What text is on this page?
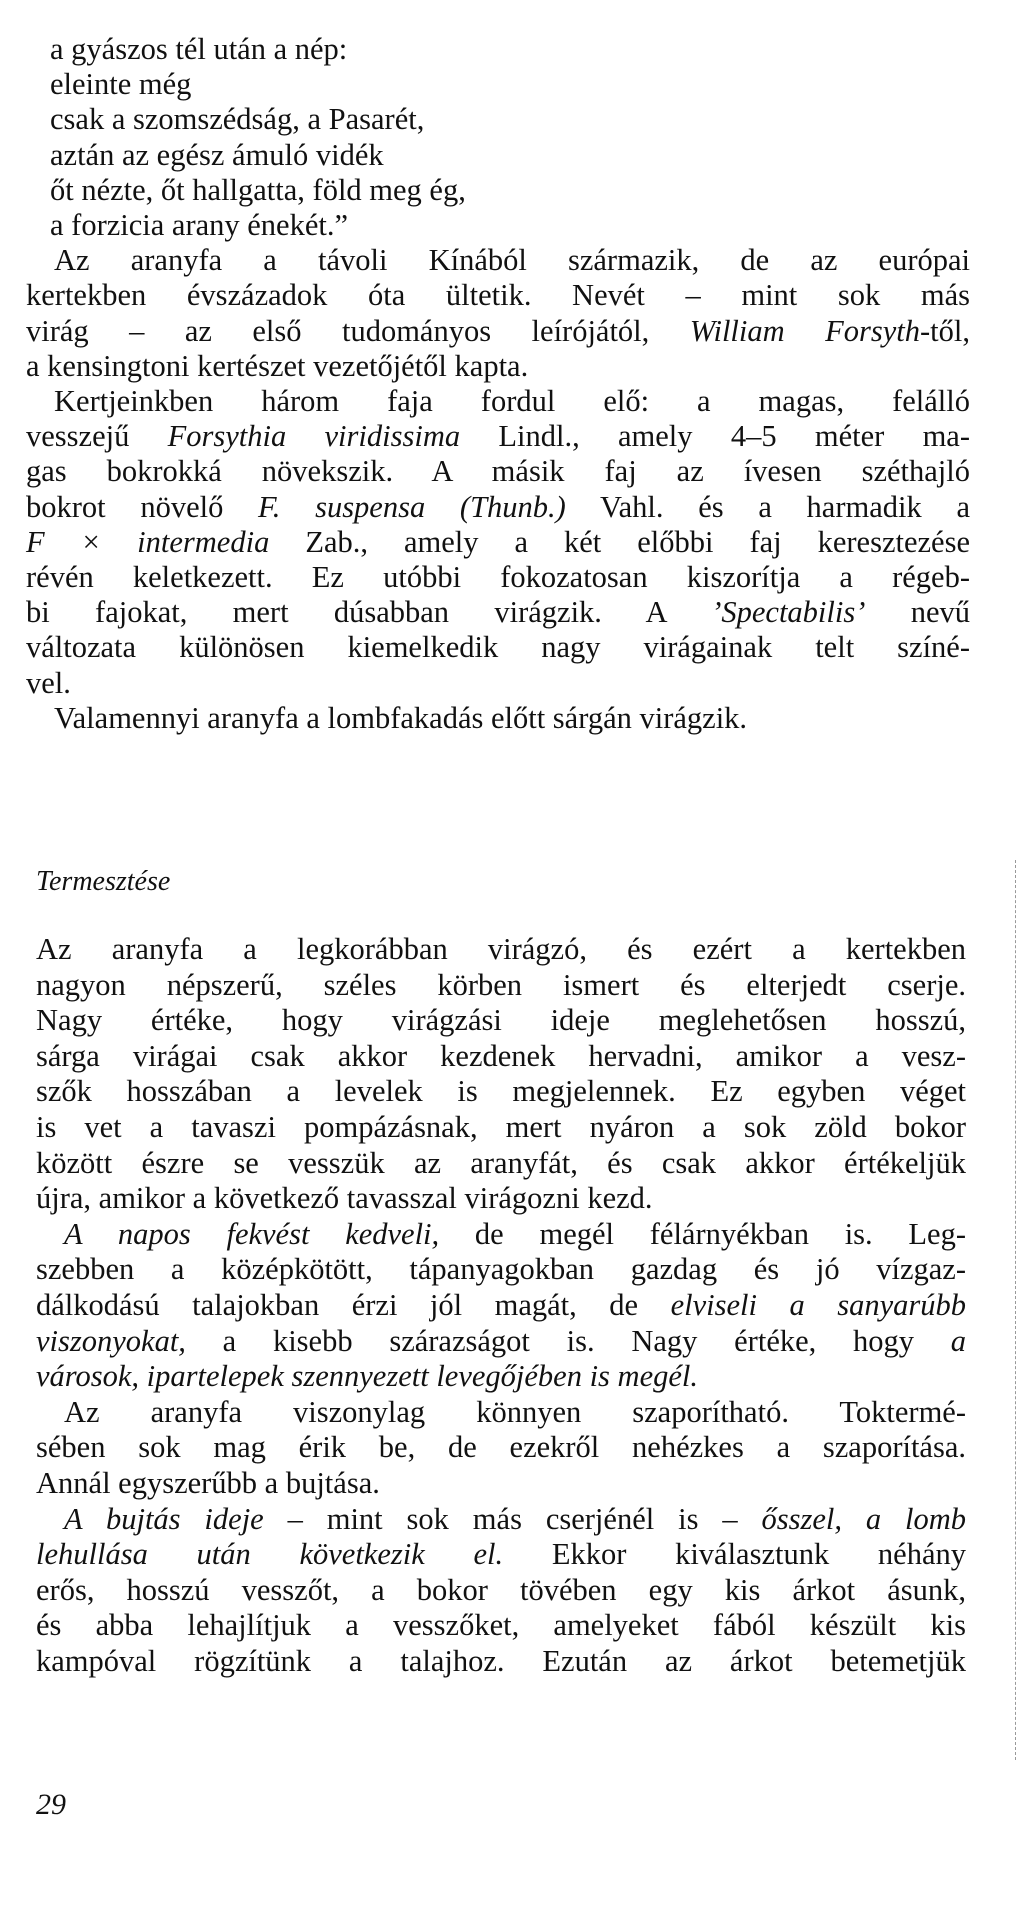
a gyászos tél után a nép:
eleinte még
csak a szomszédság, a Pasarét,
aztán az egész ámuló vidék
őt nézte, őt hallgatta, föld meg ég,
a forzicia arany énekét.”
Az aranyfa a távoli Kínából származik, de az európai
kertekben évszázadok óta ültetik. Nevét – mint sok más
virág – az első tudományos leírójától, William Forsyth-től,
a kensingtoni kertészet vezetőjétől kapta.
Kertjeinkben három faja fordul elő: a magas, felálló
vesszejű Forsythia viridissima Lindl., amely 4–5 méter ma-
gas bokrokká növekszik. A másik faj az ívesen széthajló
bokrot növelő F. suspensa (Thunb.) Vahl. és a harmadik a
F × intermedia Zab., amely a két előbbi faj keresztezése
révén keletkezett. Ez utóbbi fokozatosan kiszorítja a régeb-
bi fajokat, mert dúsabban virágzik. A ’Spectabilis’ nevű
változata különösen kiemelkedik nagy virágainak telt színé-
vel.
Valamennyi aranyfa a lombfakadás előtt sárgán virágzik.
Termesztése
Az aranyfa a legkorábban virágzó, és ezért a kertekben
nagyon népszerű, széles körben ismert és elterjedt cserje.
Nagy értéke, hogy virágzási ideje meglehetősen hosszú,
sárga virágai csak akkor kezdenek hervadni, amikor a vesz-
szők hosszában a levelek is megjelennek. Ez egyben véget
is vet a tavaszi pompázásnak, mert nyáron a sok zöld bokor
között észre se vesszük az aranyfát, és csak akkor értékeljük
újra, amikor a következő tavasszal virágozni kezd.
A napos fekvést kedveli, de megél félárnyékban is. Leg-
szebben a középkötött, tápanyagokban gazdag és jó vízgaz-
dálkodású talajokban érzi jól magát, de elviseli a sanyarúbb
viszonyokat, a kisebb szárazságot is. Nagy értéke, hogy a
városok, ipartelepek szennyezett levegőjében is megél.
Az aranyfa viszonylag könnyen szaporítható. Toktermé-
sében sok mag érik be, de ezekről nehézkes a szaporítása.
Annál egyszerűbb a bujtása.
A bujtás ideje – mint sok más cserjénél is – ősszel, a lomb
lehullása után következik el. Ekkor kiválasztunk néhány
erős, hosszú vesszőt, a bokor tövében egy kis árkot ásunk,
és abba lehajlítjuk a vesszőket, amelyeket fából készült kis
kampóval rögzítünk a talajhoz. Ezután az árkot betemetjük
29
